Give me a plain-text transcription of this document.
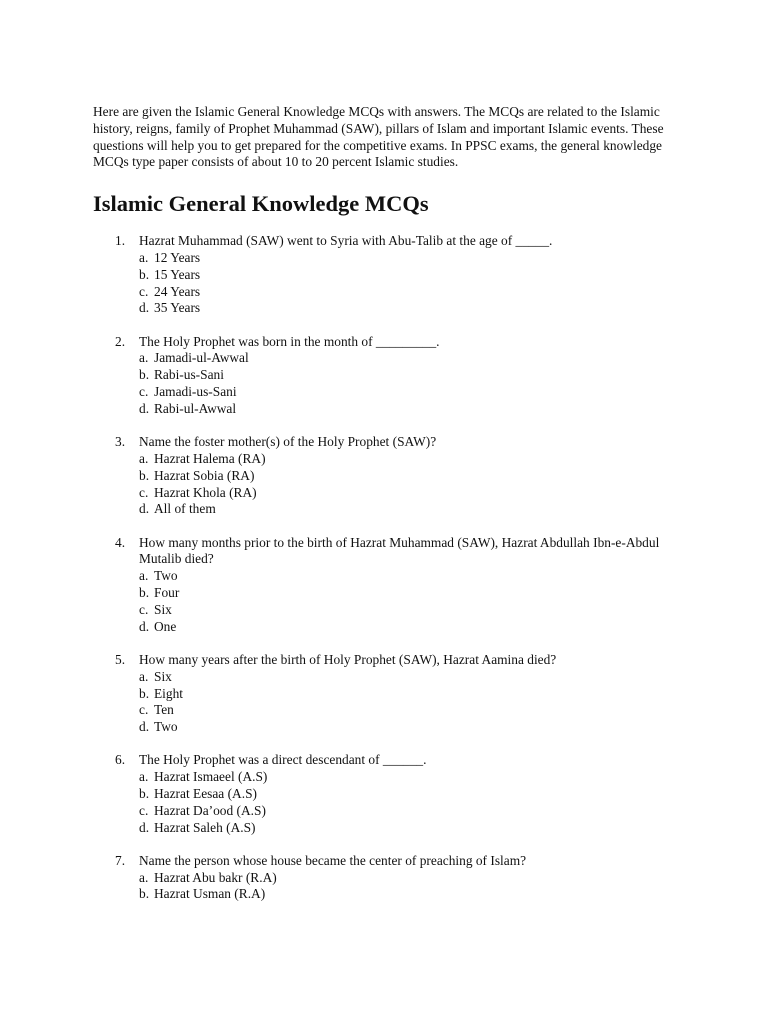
Here are given the Islamic General Knowledge MCQs with answers. The MCQs are related to the Islamic history, reigns, family of Prophet Muhammad (SAW), pillars of Islam and important Islamic events. These questions will help you to get prepared for the competitive exams. In PPSC exams, the general knowledge MCQs type paper consists of about 10 to 20 percent Islamic studies.

Islamic General Knowledge MCQs
1. Hazrat Muhammad (SAW) went to Syria with Abu-Talib at the age of _____.
a. 12 Years
b. 15 Years
c. 24 Years
d. 35 Years
2. The Holy Prophet was born in the month of _________.
a. Jamadi-ul-Awwal
b. Rabi-us-Sani
c. Jamadi-us-Sani
d. Rabi-ul-Awwal
3. Name the foster mother(s) of the Holy Prophet (SAW)?
a. Hazrat Halema (RA)
b. Hazrat Sobia (RA)
c. Hazrat Khola (RA)
d. All of them
4. How many months prior to the birth of Hazrat Muhammad (SAW), Hazrat Abdullah Ibn-e-Abdul Mutalib died?
a. Two
b. Four
c. Six
d. One
5. How many years after the birth of Holy Prophet (SAW), Hazrat Aamina died?
a. Six
b. Eight
c. Ten
d. Two
6. The Holy Prophet was a direct descendant of ______.
a. Hazrat Ismaeel (A.S)
b. Hazrat Eesaa (A.S)
c. Hazrat Da’ood (A.S)
d. Hazrat Saleh (A.S)
7. Name the person whose house became the center of preaching of Islam?
a. Hazrat Abu bakr (R.A)
b. Hazrat Usman (R.A)
